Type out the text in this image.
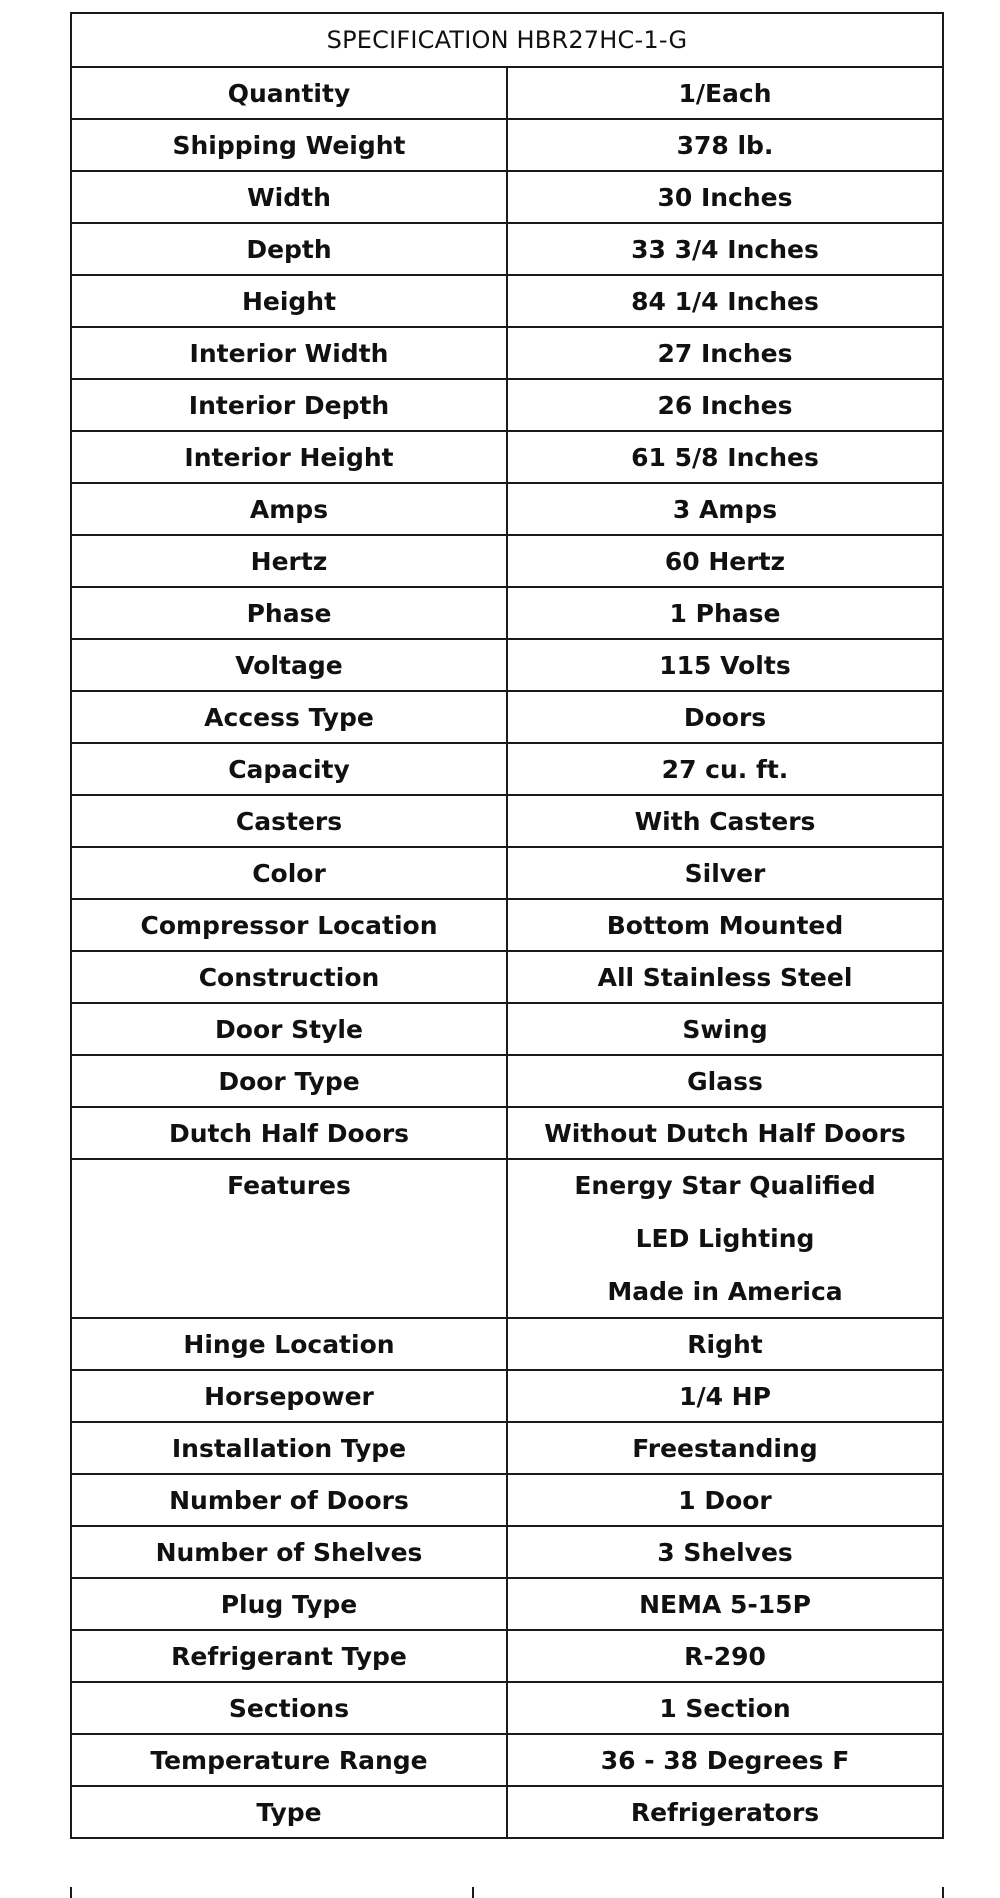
SPECIFICATION HBR27HC-1-G	
Quantity	1/Each
Shipping Weight	378 lb.
Width	30 Inches
Depth	33 3/4 Inches
Height	84 1/4 Inches
Interior Width	27 Inches
Interior Depth	26 Inches
Interior Height	61 5/8 Inches
Amps	3 Amps
Hertz	60 Hertz
Phase	1 Phase
Voltage	115 Volts
Access Type	Doors
Capacity	27 cu. ft.
Casters	With Casters
Color	Silver
Compressor Location	Bottom Mounted
Construction	All Stainless Steel
Door Style	Swing
Door Type	Glass
Dutch Half Doors	Without Dutch Half Doors
Features	Energy Star Qualified
LED Lighting
Made in America

Hinge Location	Right
Horsepower	1/4 HP
Installation Type	Freestanding
Number of Doors	1 Door
Number of Shelves	3 Shelves
Plug Type	NEMA 5-15P
Refrigerant Type	R-290
Sections	1 Section
Temperature Range	36 - 38 Degrees F
Type	Refrigerators
